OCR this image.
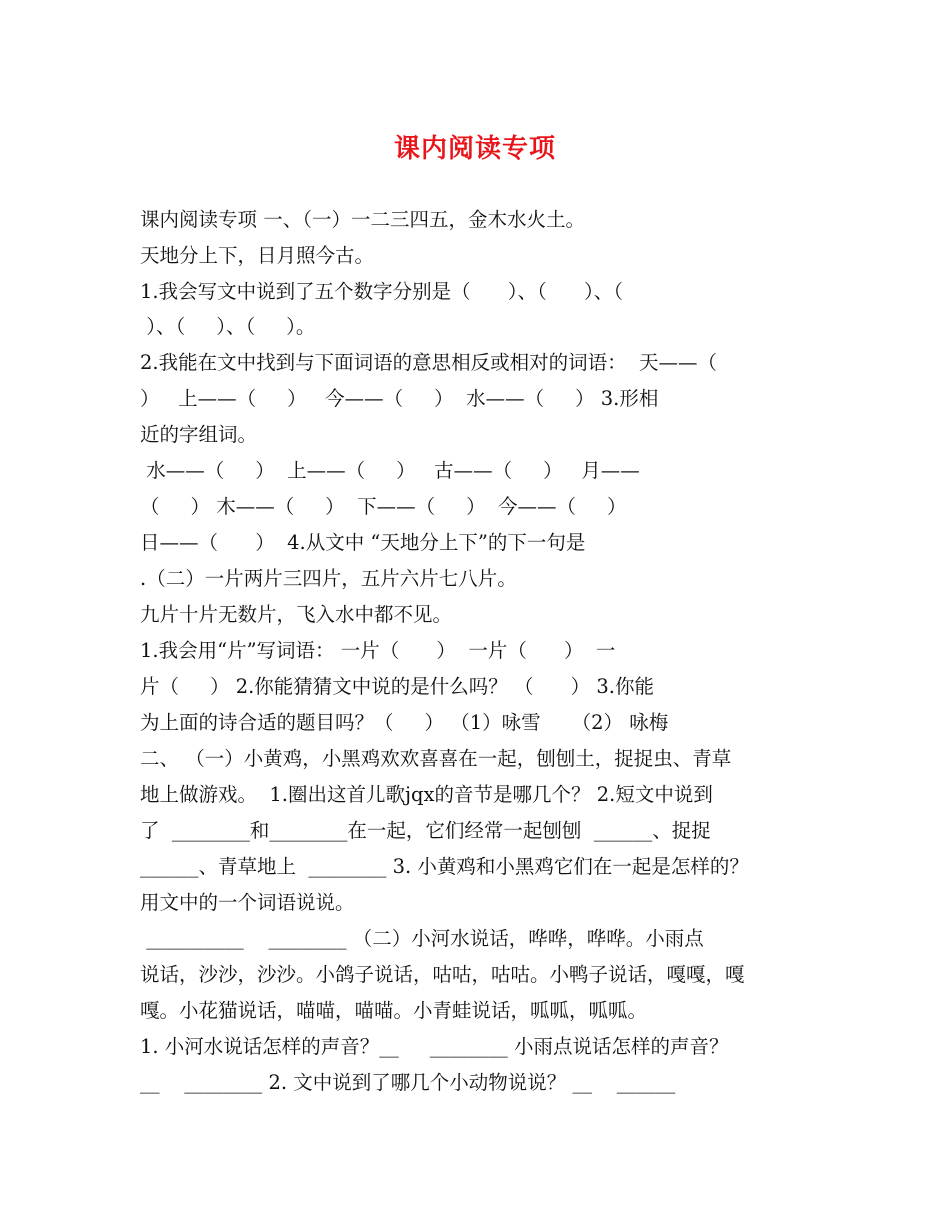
课内阅读专项
课内阅读专项 一、（一）一二三四五，金木水火土。
天地分上下，日月照今古。
1.我会写文中说到了五个数字分别是（      ）、（      ）、（
）、（     ）、（     ）。
2.我能在文中找到与下面词语的意思相反或相对的词语：  天——（
）   上——（     ）   今——（     ）  水——（     ） 3.形相
近的字组词。
水——（     ）  上——（     ）   古——（     ）   月——
（     ） 木——（     ）  下——（     ）  今——（     ）
日——（      ）  4.从文中 “天地分上下”的下一句是
.（二）一片两片三四片，五片六片七八片。
九片十片无数片，飞入水中都不见。
1.我会用“片”写词语： 一片（      ）  一片（      ）  一
片（     ） 2.你能猜猜文中说的是什么吗？ （      ） 3.你能
为上面的诗合适的题目吗？（     ） （1）咏雪     （2） 咏梅
二、 （一）小黄鸡，小黑鸡欢欢喜喜在一起，刨刨土，捉捉虫、青草
地上做游戏。  1.圈出这首儿歌jqx的音节是哪几个？ 2.短文中说到
了  ________和________在一起，它们经常一起刨刨  ______、捉捉
______、青草地上  ________ 3. 小黄鸡和小黑鸡它们在一起是怎样的？
用文中的一个词语说说。
__________    ________ （二）小河水说话，哗哗，哗哗。小雨点
说话，沙沙，沙沙。小鸽子说话，咕咕，咕咕。小鸭子说话，嘎嘎，嘎
嘎。小花猫说话，喵喵，喵喵。小青蛙说话，呱呱，呱呱。
1. 小河水说话怎样的声音？__     ________ 小雨点说话怎样的声音？
__    ________ 2. 文中说到了哪几个小动物说说？ __    ______
